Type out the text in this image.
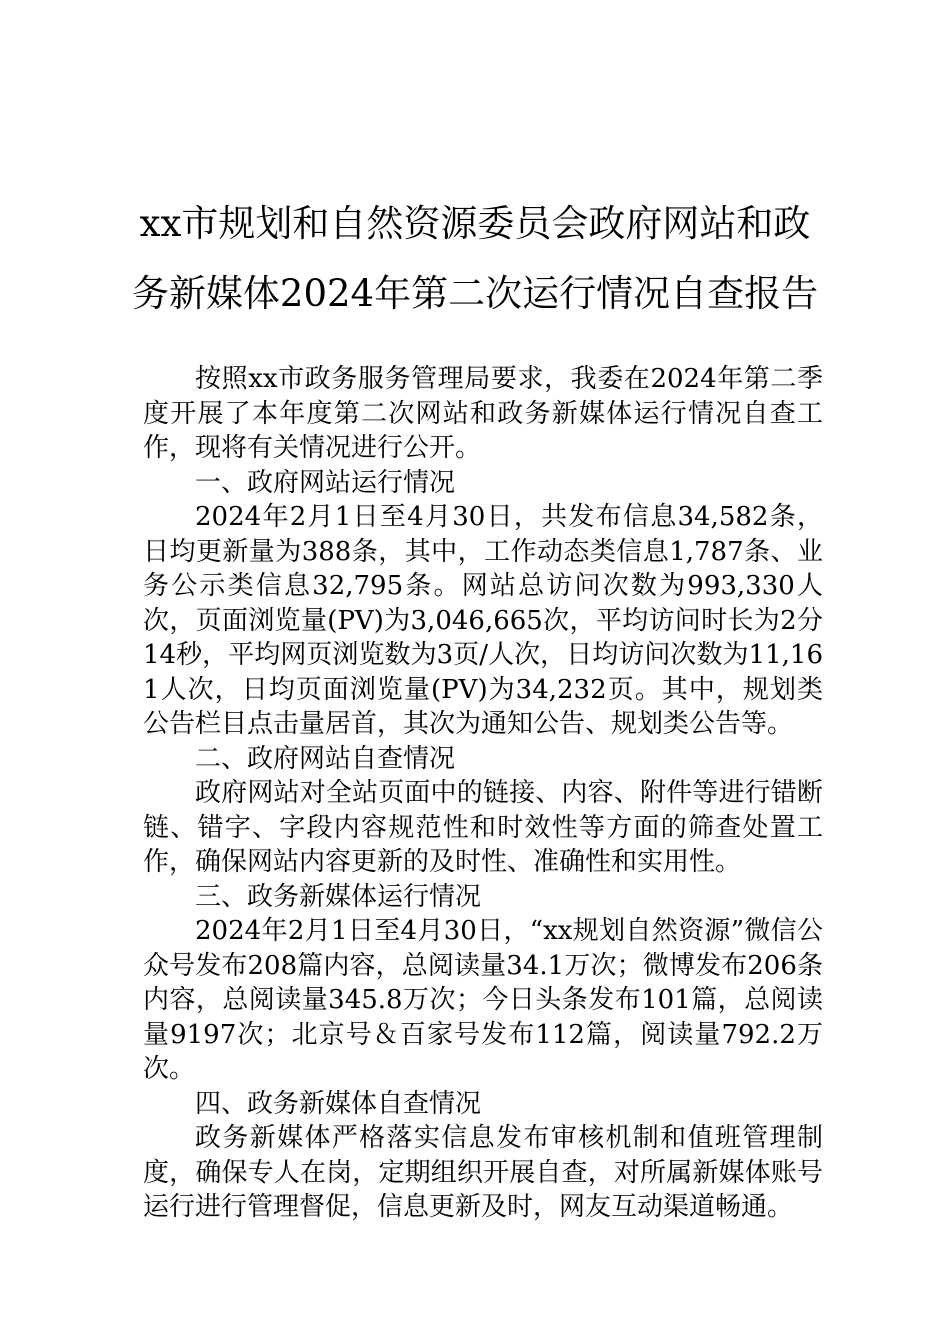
xx市规划和自然资源委员会政府网站和政
务新媒体2024年第二次运行情况自查报告

按照xx市政务服务管理局要求，我委在2024年第二季度开展了本年度第二次网站和政务新媒体运行情况自查工作，现将有关情况进行公开。

一、政府网站运行情况

2024年2月1日至4月30日，共发布信息34,582条，日均更新量为388条，其中，工作动态类信息1,787条、业务公示类信息32,795条。网站总访问次数为993,330人次，页面浏览量(PV)为3,046,665次，平均访问时长为2分14秒，平均网页浏览数为3页/人次，日均访问次数为11,161人次，日均页面浏览量(PV)为34,232页。其中，规划类公告栏目点击量居首，其次为通知公告、规划类公告等。

二、政府网站自查情况

政府网站对全站页面中的链接、内容、附件等进行错断链、错字、字段内容规范性和时效性等方面的筛查处置工作，确保网站内容更新的及时性、准确性和实用性。

三、政务新媒体运行情况

2024年2月1日至4月30日，“xx规划自然资源”微信公众号发布208篇内容，总阅读量34.1万次；微博发布206条内容，总阅读量345.8万次；今日头条发布101篇，总阅读量9197次；北京号＆百家号发布112篇，阅读量792.2万次。

四、政务新媒体自查情况

政务新媒体严格落实信息发布审核机制和值班管理制度，确保专人在岗，定期组织开展自查，对所属新媒体账号运行进行管理督促，信息更新及时，网友互动渠道畅通。
